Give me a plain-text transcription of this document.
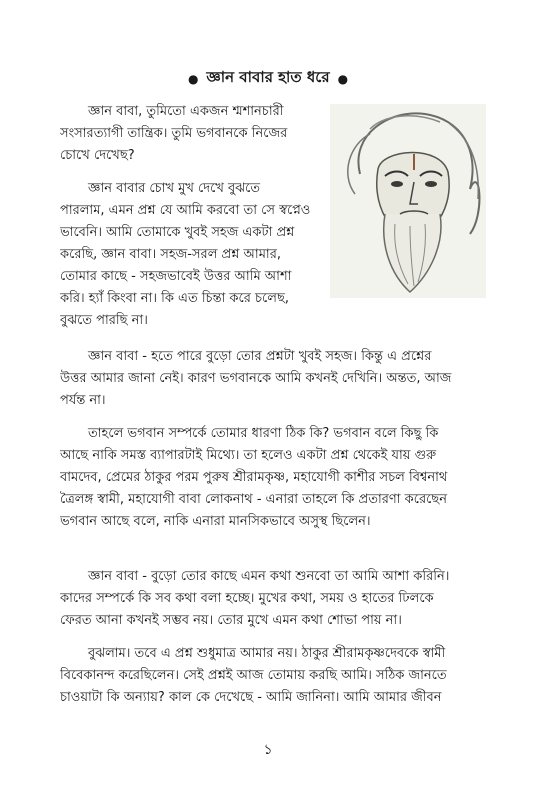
● জ্ঞান বাবার হাত ধরে ●
জ্ঞান বাবা, তুমিতো একজন শ্মশানচারী
সংসারত্যাগী তান্ত্রিক। তুমি ভগবানকে নিজের
চোখে দেখেছ?
জ্ঞান বাবার চোখ মুখ দেখে বুঝতে
পারলাম, এমন প্রশ্ন যে আমি করবো তা সে স্বপ্নেও
ভাবেনি। আমি তোমাকে খুবই সহজ একটা প্রশ্ন
করেছি, জ্ঞান বাবা। সহজ-সরল প্রশ্ন আমার,
তোমার কাছে - সহজভাবেই উত্তর আমি আশা
করি। হ্যাঁ কিংবা না। কি এত চিন্তা করে চলেছ,
বুঝতে পারছি না।
জ্ঞান বাবা - হতে পারে বুড়ো তোর প্রশ্নটা খুবই সহজ। কিন্তু এ প্রশ্নের
উত্তর আমার জানা নেই। কারণ ভগবানকে আমি কখনই দেখিনি। অন্তত, আজ
পর্যন্ত না।
তাহলে ভগবান সম্পর্কে তোমার ধারণা ঠিক কি? ভগবান বলে কিছু কি
আছে নাকি সমস্ত ব্যাপারটাই মিথ্যে। তা হলেও একটা প্রশ্ন থেকেই যায় গুরু
বামদেব, প্রেমের ঠাকুর পরম পুরুষ শ্রীরামকৃষ্ণ, মহাযোগী কাশীর সচল বিশ্বনাথ
ত্রৈলঙ্গ স্বামী, মহাযোগী বাবা লোকনাথ - এনারা তাহলে কি প্রতারণা করেছেন
ভগবান আছে বলে, নাকি এনারা মানসিকভাবে অসুস্থ ছিলেন।
জ্ঞান বাবা - বুড়ো তোর কাছে এমন কথা শুনবো তা আমি আশা করিনি।
কাদের সম্পর্কে কি সব কথা বলা হচ্ছে। মুখের কথা, সময় ও হাতের ঢিলকে
ফেরত আনা কখনই সম্ভব নয়। তোর মুখে এমন কথা শোভা পায় না।
বুঝলাম। তবে এ প্রশ্ন শুধুমাত্র আমার নয়। ঠাকুর শ্রীরামকৃষ্ণদেবকে স্বামী
বিবেকানন্দ করেছিলেন। সেই প্রশ্নই আজ তোমায় করছি আমি। সঠিক জানতে
চাওয়াটা কি অন্যায়? কাল কে দেখেছে - আমি জানিনা। আমি আমার জীবন
১
